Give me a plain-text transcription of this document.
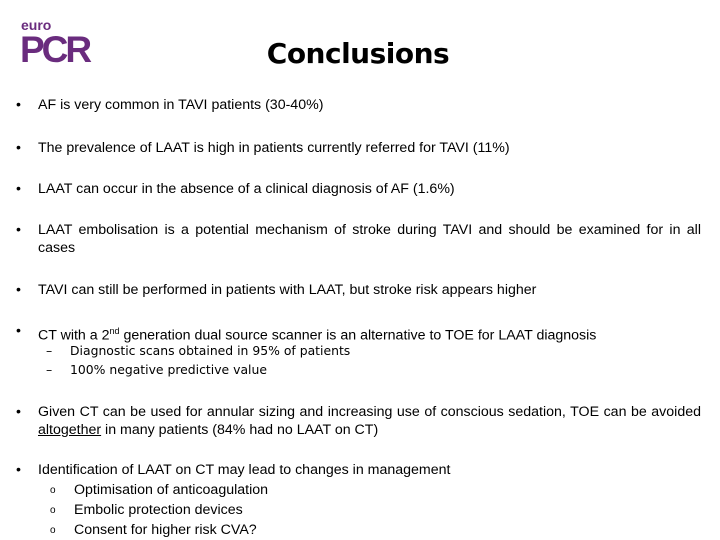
euro
PCR	Conclusions
• AF is very common in TAVI patients (30-40%)
• The prevalence of LAAT is high in patients currently referred for TAVI (11%)
• LAAT can occur in the absence of a clinical diagnosis of AF (1.6%)
• LAAT embolisation is a potential mechanism of stroke during TAVI and should be examined for in all cases
• TAVI can still be performed in patients with LAAT, but stroke risk appears higher
• CT with a 2nd generation dual source scanner is an alternative to TOE for LAAT diagnosis
– Diagnostic scans obtained in 95% of patients
– 100% negative predictive value
• Given CT can be used for annular sizing and increasing use of conscious sedation, TOE can be avoided altogether in many patients (84% had no LAAT on CT)
• Identification of LAAT on CT may lead to changes in management
o Optimisation of anticoagulation
o Embolic protection devices
o Consent for higher risk CVA?
